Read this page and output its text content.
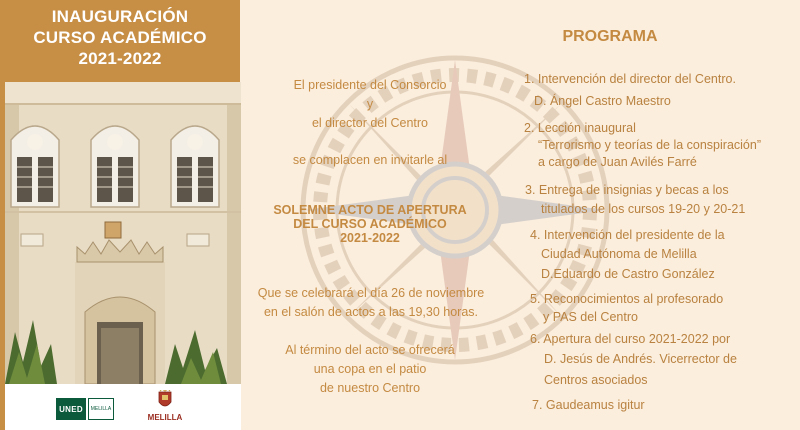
INAUGURACIÓN
CURSO ACADÉMICO
2021-2022
UNED	MELILLA
MELILLA
El presidente del Consorcio
y
el director del Centro
se complacen en invitarle al
SOLEMNE ACTO DE APERTURA
DEL CURSO ACADÉMICO
2021-2022
Que se celebrará el día 26 de noviembre
en el salón de actos a las 19,30 horas.
Al término del acto se ofrecerá
una copa en el patio
de nuestro Centro
PROGRAMA
1. Intervención del director del Centro.
D. Ángel Castro Maestro
2. Lección inaugural
“Terrorismo y teorías de la conspiración”
a cargo de Juan Avilés Farré
3. Entrega de insignias y becas a los
titulados de los cursos 19-20 y 20-21
4. Intervención del presidente de la
Ciudad Autónoma de Melilla
D.Eduardo de Castro González
5. Reconocimientos al profesorado
y PAS del Centro
6. Apertura del curso 2021-2022 por
D. Jesús de Andrés. Vicerrector de
Centros asociados
7. Gaudeamus igitur
